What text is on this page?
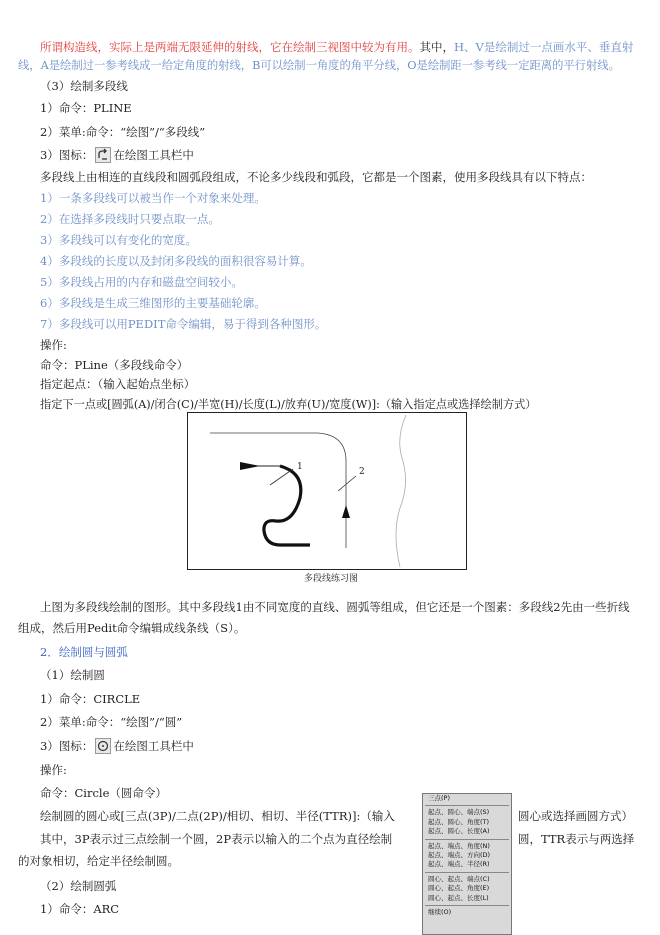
所谓构造线，实际上是两端无限延伸的射线，它在绘制三视图中较为有用。其中，H、V是绘制过一点画水平、垂直射
线，A是绘制过一参考线成一给定角度的射线，B可以绘制一角度的角平分线，O是绘制距一参考线一定距离的平行射线。
（3）绘制多段线
1）命令：PLINE
2）菜单:命令：“绘图”/“多段线”
3）图标： 在绘图工具栏中
多段线上由相连的直线段和圆弧段组成，不论多少线段和弧段，它都是一个图素，使用多段线具有以下特点：
1）一条多段线可以被当作一个对象来处理。
2）在选择多段线时只要点取一点。
3）多段线可以有变化的宽度。
4）多段线的长度以及封闭多段线的面积很容易计算。
5）多段线占用的内存和磁盘空间较小。
6）多段线是生成三维图形的主要基础轮廓。
7）多段线可以用PEDIT命令编辑，易于得到各种图形。
操作:
命令：PLine（多段线命令）
指定起点：（输入起始点坐标）
指定下一点或[圆弧(A)/闭合(C)/半宽(H)/长度(L)/放弃(U)/宽度(W)]:（输入指定点或选择绘制方式）
1	2
多段线练习图
上图为多段线绘制的图形。其中多段线1由不同宽度的直线、圆弧等组成，但它还是一个图素：多段线2先由一些折线
组成，然后用Pedit命令编辑成线条线（S）。
2．绘制圆与圆弧
（1）绘制圆
1）命令：CIRCLE
2）菜单:命令：“绘图”/“圆”
3）图标： 在绘图工具栏中
操作:
命令：Circle（圆命令）
绘制圆的圆心或[三点(3P)/二点(2P)/相切、相切、半径(TTR)]:（输入	圆心或选择画圆方式）
其中，3P表示过三点绘制一个圆，2P表示以输入的二个点为直径绘制	圆，TTR表示与两选择
的对象相切，给定半径绘制圆。
（2）绘制圆弧
1）命令：ARC
三点(P)
起点、圆心、端点(S)
起点、圆心、角度(T)
起点、圆心、长度(A)
起点、端点、角度(N)
起点、端点、方向(D)
起点、端点、半径(R)
圆心、起点、端点(C)
圆心、起点、角度(E)
圆心、起点、长度(L)
继续(O)
